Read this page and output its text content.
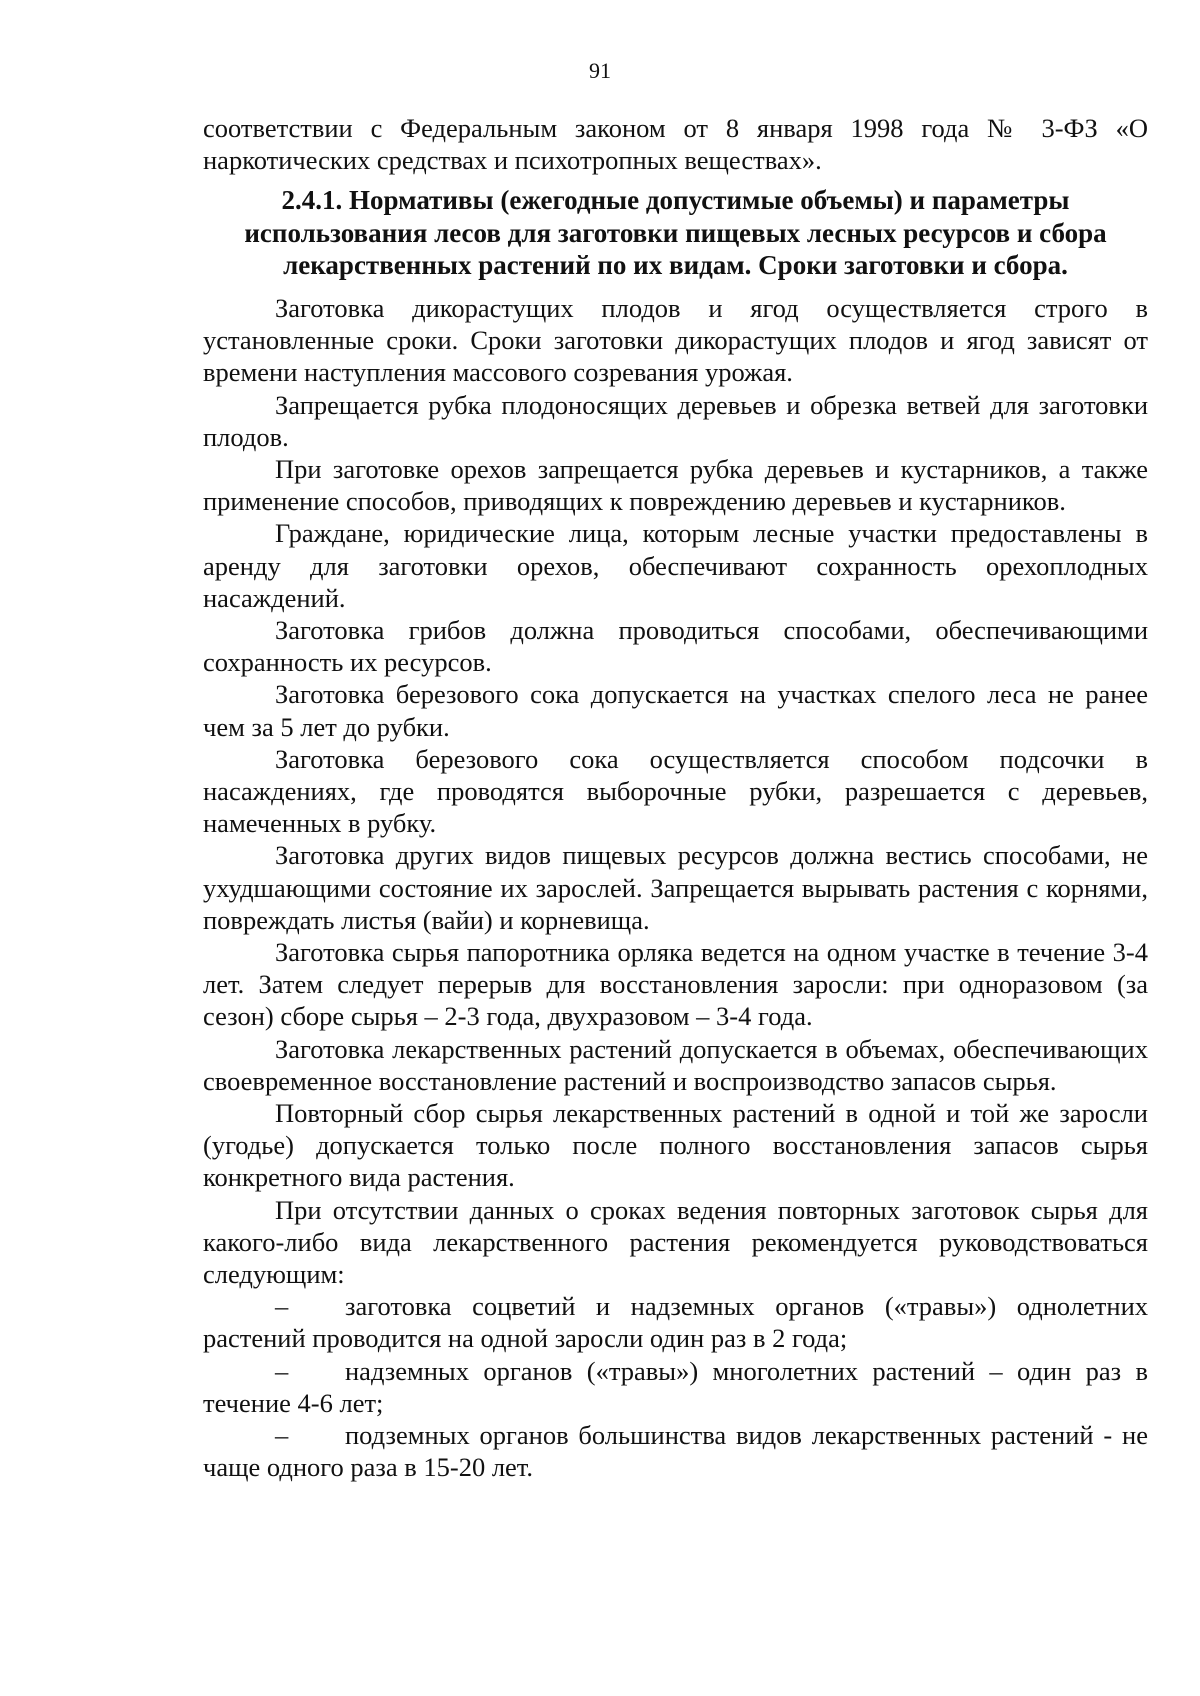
91

соответствии с Федеральным законом от 8 января 1998 года № 3-ФЗ «О наркотических средствах и психотропных веществах».

2.4.1. Нормативы (ежегодные допустимые объемы) и параметры использования лесов для заготовки пищевых лесных ресурсов и сбора лекарственных растений по их видам. Сроки заготовки и сбора.

Заготовка дикорастущих плодов и ягод осуществляется строго в установленные сроки. Сроки заготовки дикорастущих плодов и ягод зависят от времени наступления массового созревания урожая.

Запрещается рубка плодоносящих деревьев и обрезка ветвей для заготовки плодов.

При заготовке орехов запрещается рубка деревьев и кустарников, а также применение способов, приводящих к повреждению деревьев и кустарников.

Граждане, юридические лица, которым лесные участки предоставлены в аренду для заготовки орехов, обеспечивают сохранность орехоплодных насаждений.

Заготовка грибов должна проводиться способами, обеспечивающими сохранность их ресурсов.

Заготовка березового сока допускается на участках спелого леса не ранее чем за 5 лет до рубки.

Заготовка березового сока осуществляется способом подсочки в насаждениях, где проводятся выборочные рубки, разрешается с деревьев, намеченных в рубку.

Заготовка других видов пищевых ресурсов должна вестись способами, не ухудшающими состояние их зарослей. Запрещается вырывать растения с корнями, повреждать листья (вайи) и корневища.

Заготовка сырья папоротника орляка ведется на одном участке в течение 3-4 лет. Затем следует перерыв для восстановления заросли: при одноразовом (за сезон) сборе сырья – 2-3 года, двухразовом – 3-4 года.

Заготовка лекарственных растений допускается в объемах, обеспечивающих своевременное восстановление растений и воспроизводство запасов сырья.

Повторный сбор сырья лекарственных растений в одной и той же заросли (угодье) допускается только после полного восстановления запасов сырья конкретного вида растения.

При отсутствии данных о сроках ведения повторных заготовок сырья для какого-либо вида лекарственного растения рекомендуется руководствоваться следующим:

– заготовка соцветий и надземных органов («травы») однолетних растений проводится на одной заросли один раз в 2 года;

– надземных органов («травы») многолетних растений – один раз в течение 4-6 лет;

– подземных органов большинства видов лекарственных растений - не чаще одного раза в 15-20 лет.
